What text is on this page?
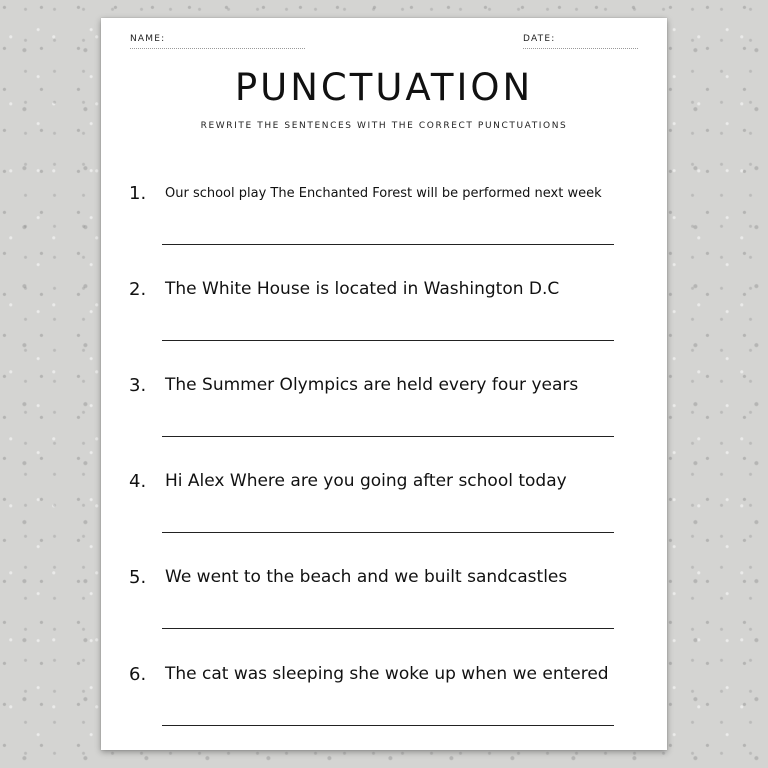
NAME:	DATE:
PUNCTUATION
REWRITE THE SENTENCES WITH THE CORRECT PUNCTUATIONS
1. Our school play The Enchanted Forest will be performed next week
2. The White House is located in Washington D.C
3. The Summer Olympics are held every four years
4. Hi Alex Where are you going after school today
5. We went to the beach and we built sandcastles
6. The cat was sleeping she woke up when we entered
